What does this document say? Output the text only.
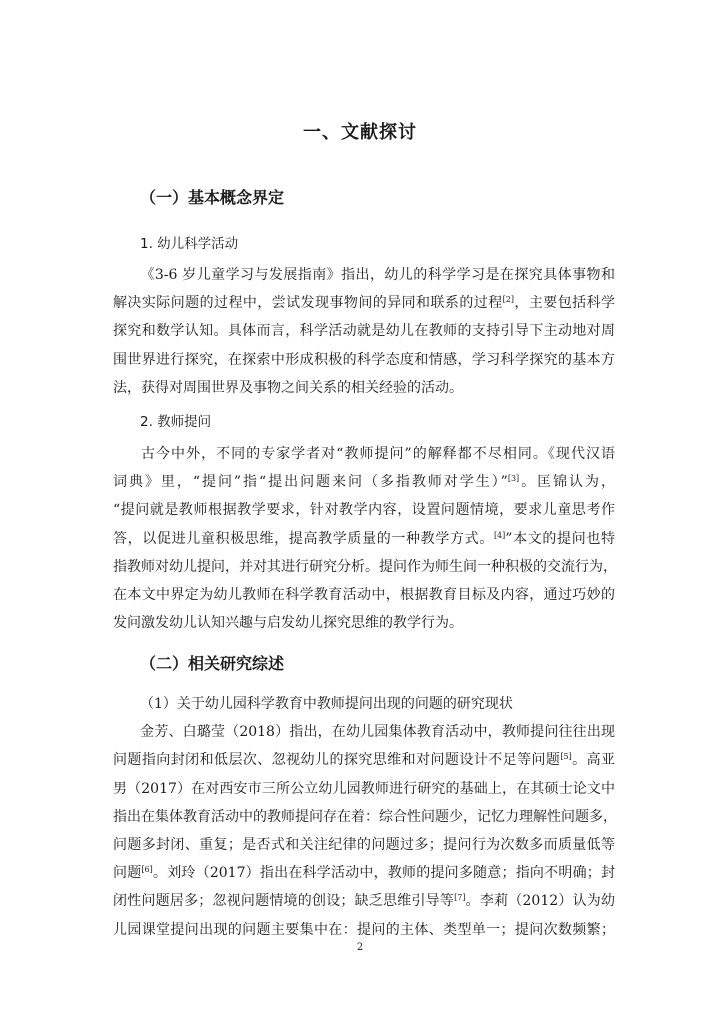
一、文献探讨
（一）基本概念界定
1. 幼儿科学活动
《3-6 岁儿童学习与发展指南》指出，幼儿的科学学习是在探究具体事物和
解决实际问题的过程中，尝试发现事物间的异同和联系的过程[2]，主要包括科学
探究和数学认知。具体而言，科学活动就是幼儿在教师的支持引导下主动地对周
围世界进行探究，在探索中形成积极的科学态度和情感，学习科学探究的基本方
法，获得对周围世界及事物之间关系的相关经验的活动。
2. 教师提问
古今中外，不同的专家学者对“教师提问”的解释都不尽相同。《现代汉语
词典》里，“提问”指“提出问题来问（多指教师对学生）”[3]。匡锦认为，
“提问就是教师根据教学要求，针对教学内容，设置问题情境，要求儿童思考作
答，以促进儿童积极思维，提高教学质量的一种教学方式。[4]”本文的提问也特
指教师对幼儿提问，并对其进行研究分析。提问作为师生间一种积极的交流行为，
在本文中界定为幼儿教师在科学教育活动中，根据教育目标及内容，通过巧妙的
发问激发幼儿认知兴趣与启发幼儿探究思维的教学行为。
（二）相关研究综述
（1）关于幼儿园科学教育中教师提问出现的问题的研究现状
金芳、白璐莹（2018）指出，在幼儿园集体教育活动中，教师提问往往出现
问题指向封闭和低层次、忽视幼儿的探究思维和对问题设计不足等问题[5]。高亚
男（2017）在对西安市三所公立幼儿园教师进行研究的基础上，在其硕士论文中
指出在集体教育活动中的教师提问存在着：综合性问题少，记忆力理解性问题多，
问题多封闭、重复；是否式和关注纪律的问题过多；提问行为次数多而质量低等
问题[6]。刘玲（2017）指出在科学活动中，教师的提问多随意；指向不明确；封
闭性问题居多；忽视问题情境的创设；缺乏思维引导等[7]。李莉（2012）认为幼
儿园课堂提问出现的问题主要集中在：提问的主体、类型单一；提问次数频繁；
2
